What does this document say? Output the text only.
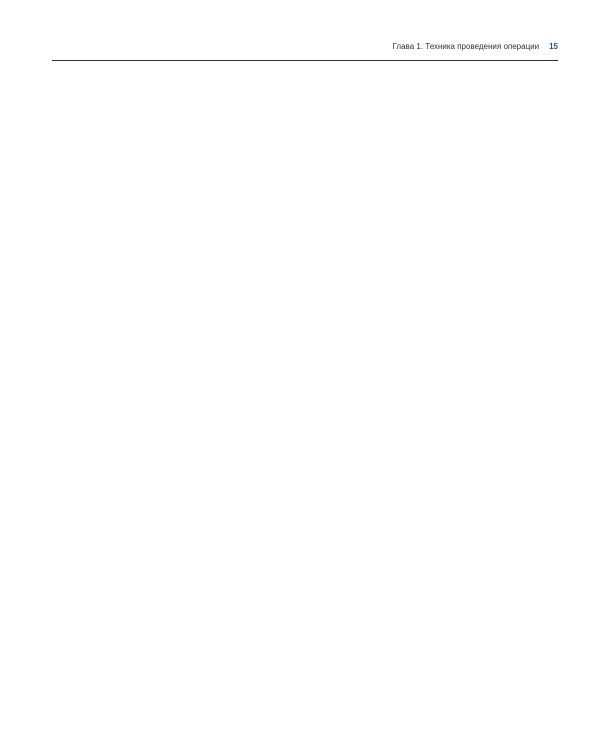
Глава 1. Техника проведения операции 15
